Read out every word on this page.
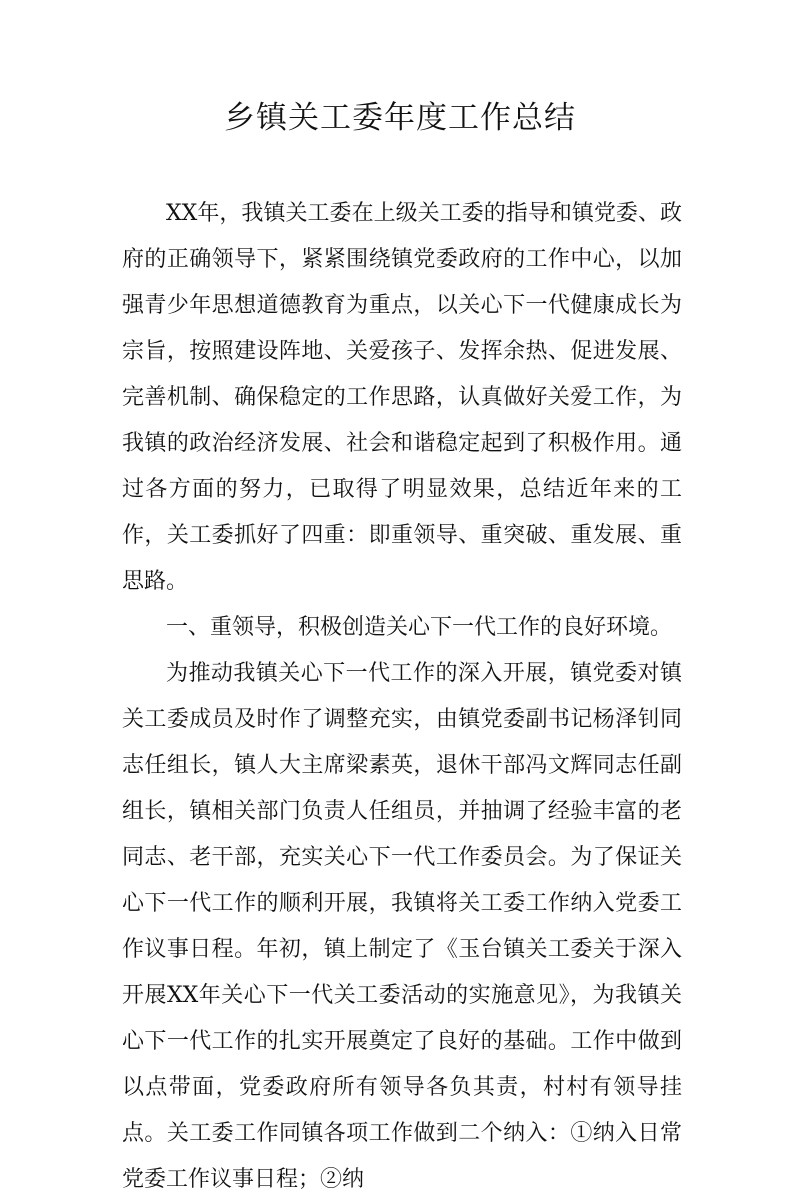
乡镇关工委年度工作总结

XX年，我镇关工委在上级关工委的指导和镇党委、政府的正确领导下，紧紧围绕镇党委政府的工作中心，以加强青少年思想道德教育为重点，以关心下一代健康成长为宗旨，按照建设阵地、关爱孩子、发挥余热、促进发展、完善机制、确保稳定的工作思路，认真做好关爱工作，为我镇的政治经济发展、社会和谐稳定起到了积极作用。通过各方面的努力，已取得了明显效果，总结近年来的工作，关工委抓好了四重：即重领导、重突破、重发展、重思路。

一、重领导，积极创造关心下一代工作的良好环境。

为推动我镇关心下一代工作的深入开展，镇党委对镇关工委成员及时作了调整充实，由镇党委副书记杨泽钊同志任组长，镇人大主席梁素英，退休干部冯文辉同志任副组长，镇相关部门负责人任组员，并抽调了经验丰富的老同志、老干部，充实关心下一代工作委员会。为了保证关心下一代工作的顺利开展，我镇将关工委工作纳入党委工作议事日程。年初，镇上制定了《玉台镇关工委关于深入开展XX年关心下一代关工委活动的实施意见》，为我镇关心下一代工作的扎实开展奠定了良好的基础。工作中做到以点带面，党委政府所有领导各负其责，村村有领导挂点。关工委工作同镇各项工作做到二个纳入：①纳入日常党委工作议事日程；②纳
